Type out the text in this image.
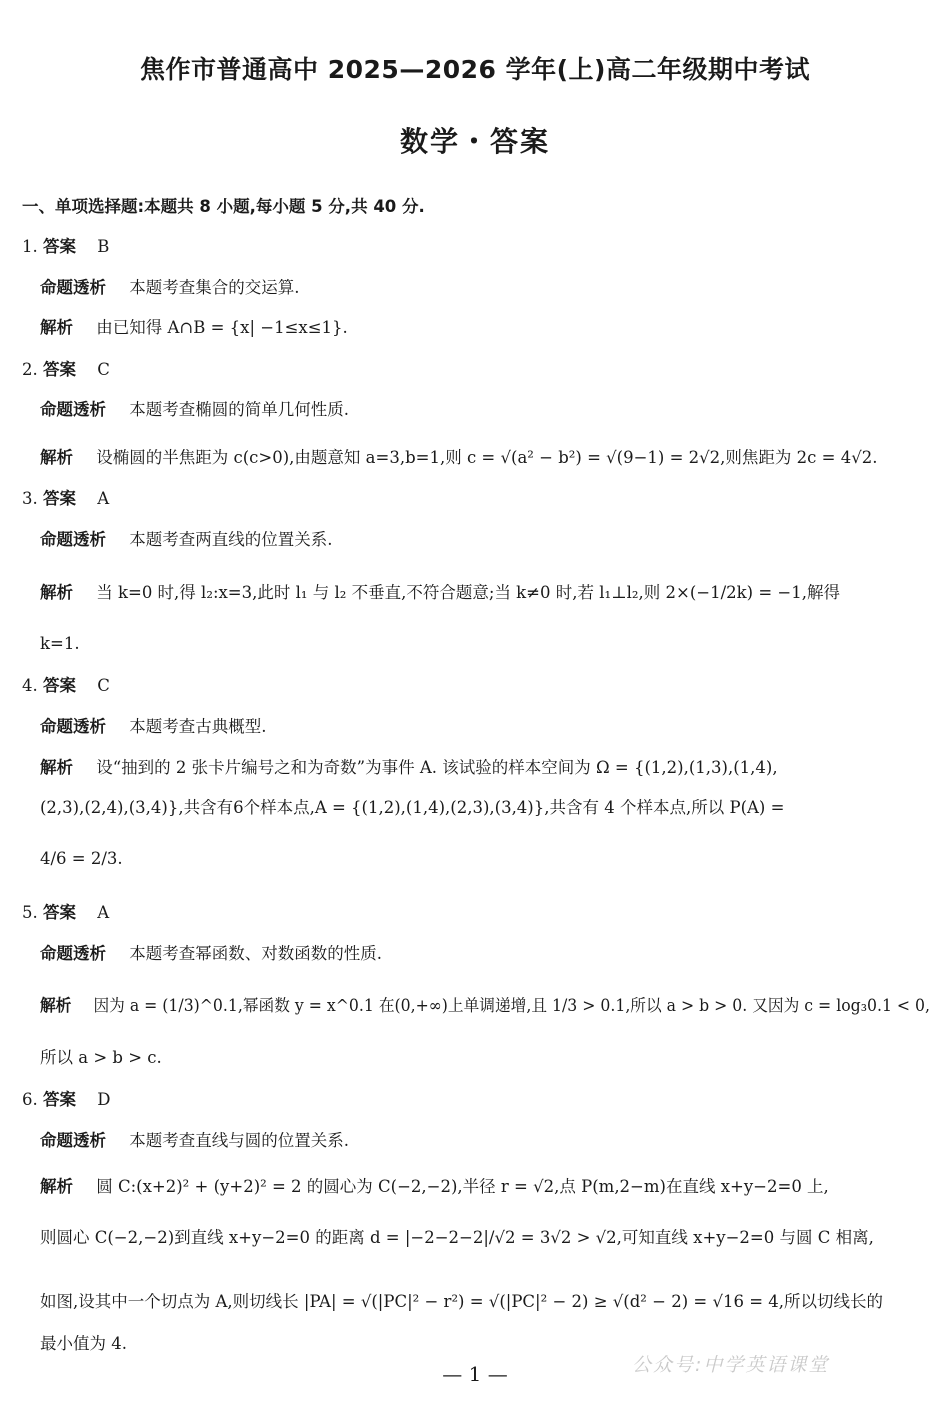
焦作市普通高中 2025—2026 学年(上)高二年级期中考试
数学・答案
一、单项选择题:本题共 8 小题,每小题 5 分,共 40 分.
1. 答案 B
命题透析 本题考查集合的交运算.
解析 由已知得 A∩B = {x| −1≤x≤1}.
2. 答案 C
命题透析 本题考查椭圆的简单几何性质.
解析 设椭圆的半焦距为 c(c>0),由题意知 a=3,b=1,则 c = √(a² − b²) = √(9−1) = 2√2,则焦距为 2c = 4√2.
3. 答案 A
命题透析 本题考查两直线的位置关系.
解析 当 k=0 时,得 l₂:x=3,此时 l₁ 与 l₂ 不垂直,不符合题意;当 k≠0 时,若 l₁⊥l₂,则 2×(−1/2k) = −1,解得
k=1.
4. 答案 C
命题透析 本题考查古典概型.
解析 设“抽到的 2 张卡片编号之和为奇数”为事件 A. 该试验的样本空间为 Ω = {(1,2),(1,3),(1,4),
(2,3),(2,4),(3,4)},共含有6个样本点,A = {(1,2),(1,4),(2,3),(3,4)},共含有 4 个样本点,所以 P(A) =
4/6 = 2/3.
5. 答案 A
命题透析 本题考查幂函数、对数函数的性质.
解析 因为 a = (1/3)^0.1,幂函数 y = x^0.1 在(0,+∞)上单调递增,且 1/3 > 0.1,所以 a > b > 0. 又因为 c = log₃0.1 < 0,
所以 a > b > c.
6. 答案 D
命题透析 本题考查直线与圆的位置关系.
解析 圆 C:(x+2)² + (y+2)² = 2 的圆心为 C(−2,−2),半径 r = √2,点 P(m,2−m)在直线 x+y−2=0 上,
则圆心 C(−2,−2)到直线 x+y−2=0 的距离 d = |−2−2−2|/√2 = 3√2 > √2,可知直线 x+y−2=0 与圆 C 相离,
如图,设其中一个切点为 A,则切线长 |PA| = √(|PC|² − r²) = √(|PC|² − 2) ≥ √(d² − 2) = √16 = 4,所以切线长的
最小值为 4.
公众号:中学英语课堂
— 1 —
